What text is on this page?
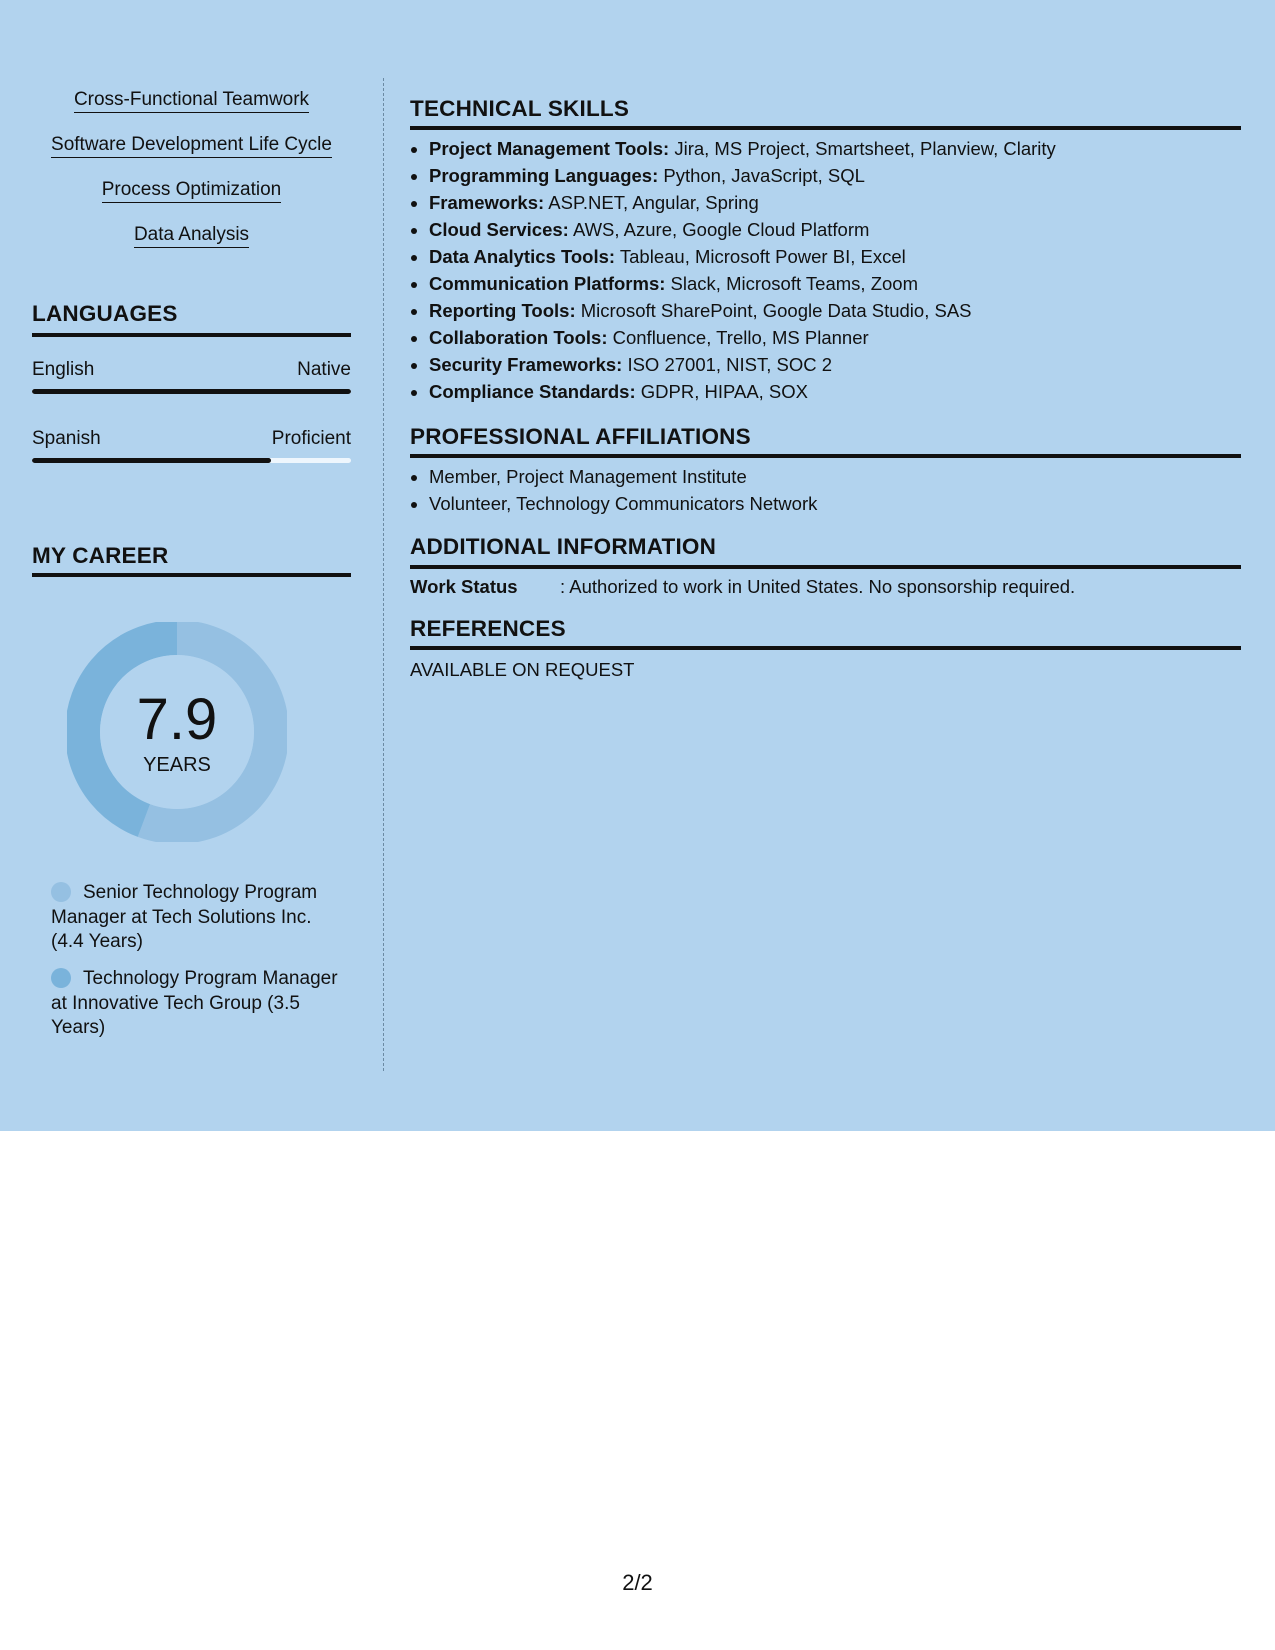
Cross-Functional Teamwork
Software Development Life Cycle
Process Optimization
Data Analysis
LANGUAGES
English	Native
Spanish	Proficient
MY CAREER
7.9
YEARS
Senior Technology Program Manager at Tech Solutions Inc. (4.4 Years)
Technology Program Manager at Innovative Tech Group (3.5 Years)
TECHNICAL SKILLS
• Project Management Tools: Jira, MS Project, Smartsheet, Planview, Clarity
• Programming Languages: Python, JavaScript, SQL
• Frameworks: ASP.NET, Angular, Spring
• Cloud Services: AWS, Azure, Google Cloud Platform
• Data Analytics Tools: Tableau, Microsoft Power BI, Excel
• Communication Platforms: Slack, Microsoft Teams, Zoom
• Reporting Tools: Microsoft SharePoint, Google Data Studio, SAS
• Collaboration Tools: Confluence, Trello, MS Planner
• Security Frameworks: ISO 27001, NIST, SOC 2
• Compliance Standards: GDPR, HIPAA, SOX
PROFESSIONAL AFFILIATIONS
• Member, Project Management Institute
• Volunteer, Technology Communicators Network
ADDITIONAL INFORMATION
Work Status : Authorized to work in United States. No sponsorship required.
REFERENCES
AVAILABLE ON REQUEST
2/2
